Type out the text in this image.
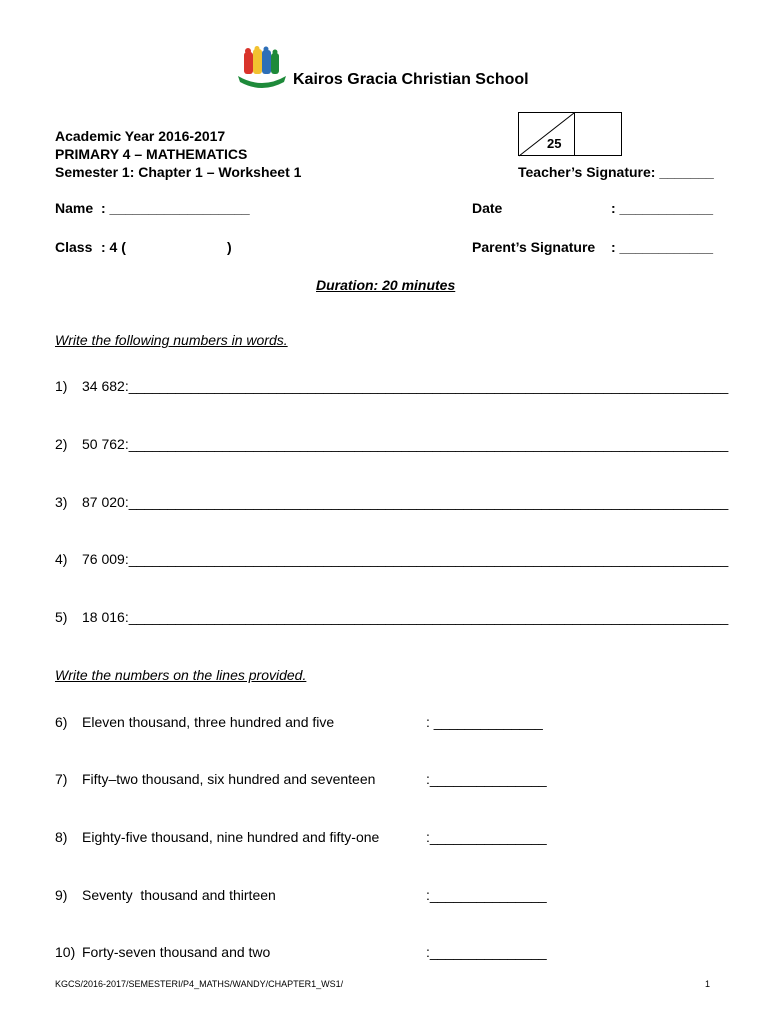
Kairos Gracia Christian School
Academic Year 2016-2017
PRIMARY 4 – MATHEMATICS
Semester 1: Chapter 1 – Worksheet 1
25
Teacher’s Signature: _______
Name : __________________	Date	: ____________
Class : 4 (                          )	Parent’s Signature : ____________
Duration: 20 minutes
Write the following numbers in words.
1) 34 682:_____________________________________________________________________________
2) 50 762:_____________________________________________________________________________
3) 87 020:_____________________________________________________________________________
4) 76 009:_____________________________________________________________________________
5) 18 016:_____________________________________________________________________________
Write the numbers on the lines provided.
6) Eleven thousand, three hundred and five	: ______________
7) Fifty–two thousand, six hundred and seventeen	:_______________
8) Eighty-five thousand, nine hundred and fifty-one	:_______________
9) Seventy  thousand and thirteen	:_______________
10) Forty-seven thousand and two	:_______________
KGCS/2016-2017/SEMESTERI/P4_MATHS/WANDY/CHAPTER1_WS1/	1
